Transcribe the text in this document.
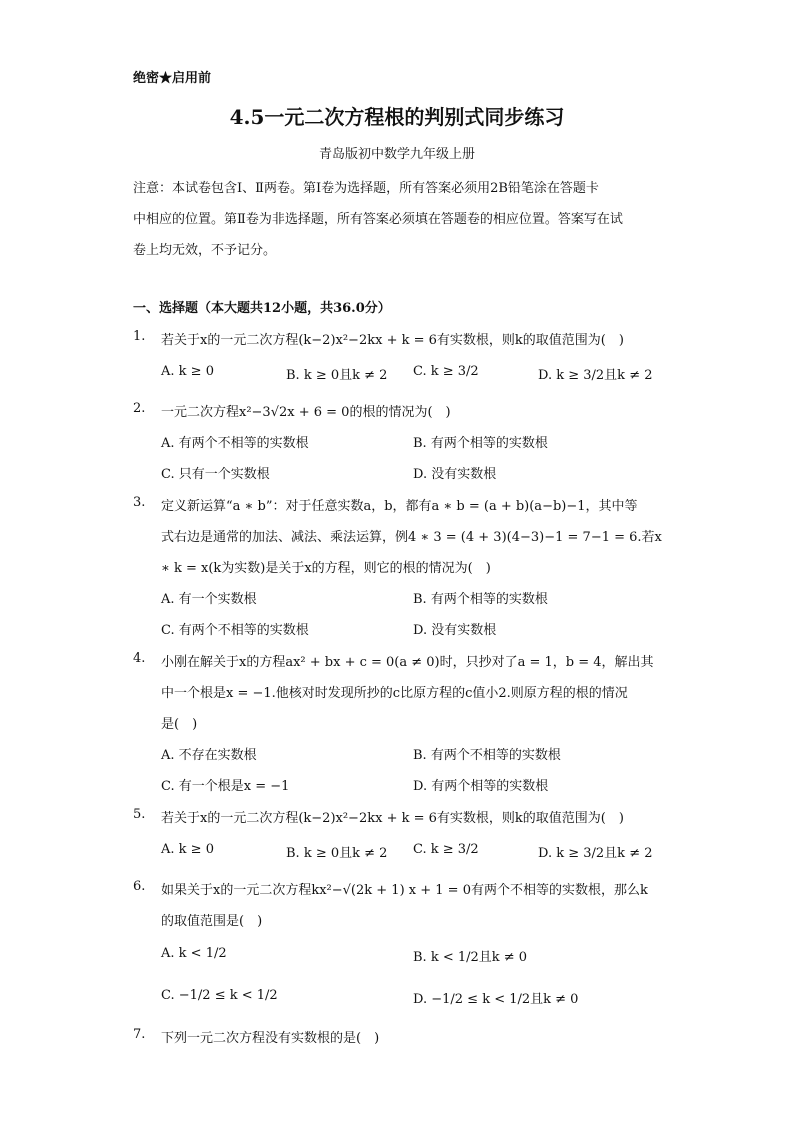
绝密★启用前
4.5一元二次方程根的判别式同步练习
青岛版初中数学九年级上册
注意：本试卷包含Ⅰ、Ⅱ两卷。第Ⅰ卷为选择题，所有答案必须用2B铅笔涂在答题卡
中相应的位置。第Ⅱ卷为非选择题，所有答案必须填在答题卷的相应位置。答案写在试
卷上均无效，不予记分。
一、选择题（本大题共12小题，共36.0分）
1. 若关于x的一元二次方程(k−2)x²−2kx + k = 6有实数根，则k的取值范围为(　)
A. k ≥ 0	B. k ≥ 0且k ≠ 2 C. k ≥ 3/2	D. k ≥ 3/2且k ≠ 2
2. 一元二次方程x²−3√2x + 6 = 0的根的情况为(　)
A. 有两个不相等的实数根	B. 有两个相等的实数根
C. 只有一个实数根	D. 没有实数根
3. 定义新运算“a ∗ b”：对于任意实数a，b，都有a ∗ b = (a + b)(a−b)−1，其中等
式右边是通常的加法、减法、乘法运算，例4 ∗ 3 = (4 + 3)(4−3)−1 = 7−1 = 6.若x
∗ k = x(k为实数)是关于x的方程，则它的根的情况为(　)
A. 有一个实数根	B. 有两个相等的实数根
C. 有两个不相等的实数根	D. 没有实数根
4. 小刚在解关于x的方程ax² + bx + c = 0(a ≠ 0)时，只抄对了a = 1，b = 4，解出其
中一个根是x = −1.他核对时发现所抄的c比原方程的c值小2.则原方程的根的情况
是(　)
A. 不存在实数根	B. 有两个不相等的实数根
C. 有一个根是x = −1	D. 有两个相等的实数根
5. 若关于x的一元二次方程(k−2)x²−2kx + k = 6有实数根，则k的取值范围为(　)
A. k ≥ 0	B. k ≥ 0且k ≠ 2 C. k ≥ 3/2	D. k ≥ 3/2且k ≠ 2
6. 如果关于x的一元二次方程kx²−√(2k + 1) x + 1 = 0有两个不相等的实数根，那么k
的取值范围是(　)
A. k < 1/2	B. k < 1/2且k ≠ 0
C. −1/2 ≤ k < 1/2	D. −1/2 ≤ k < 1/2且k ≠ 0
7. 下列一元二次方程没有实数根的是(　)
